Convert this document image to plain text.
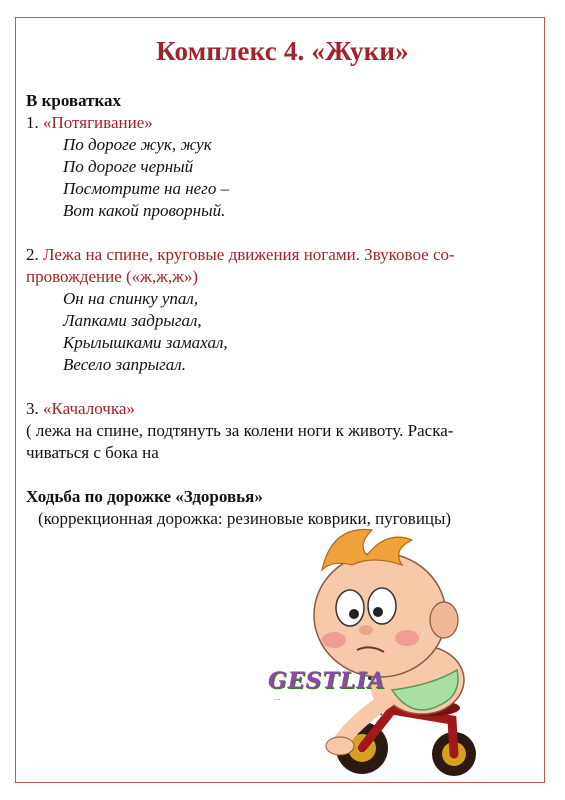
Комплекс 4. «Жуки»
В кроватках
1. «Потягивание»
По дороге жук, жук
По дороге черный
Посмотрите на него –
Вот какой проворный.
2. Лежа на спине, круговые движения ногами. Звуковое со-
провождение («ж,ж,ж»)
Он на спинку упал,
Лапками задрыгал,
Крылышками замахал,
Весело запрыгал.
3. «Качалочка»
( лежа на спине, подтянуть за колени ноги к животу. Раска-
чиваться с бока на
Ходьба по дорожке «Здоровья»
(коррекционная дорожка: резиновые коврики, пуговицы)
GESTLIA
...
